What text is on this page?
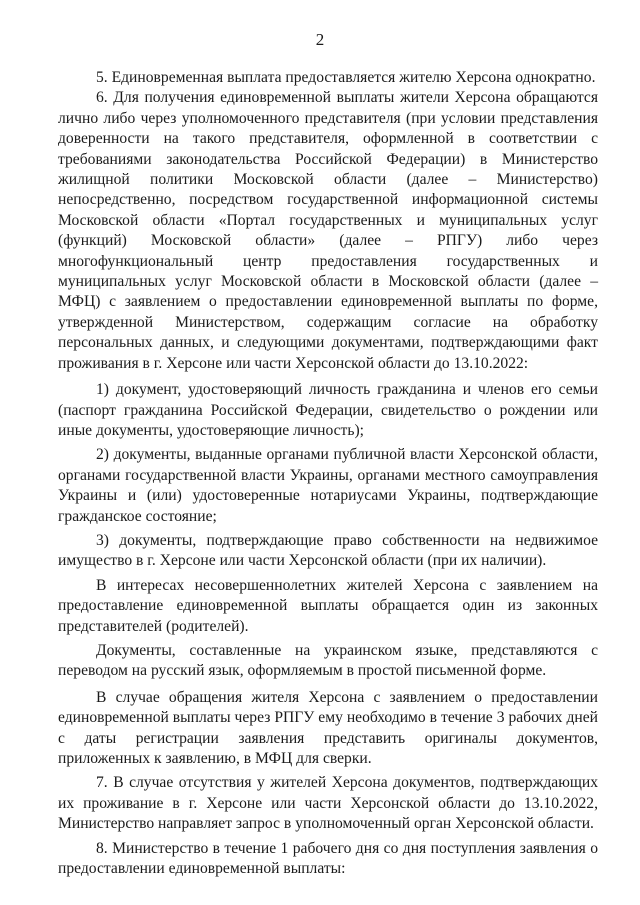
2

5. Единовременная выплата предоставляется жителю Херсона однократно.

6. Для получения единовременной выплаты жители Херсона обращаются лично либо через уполномоченного представителя (при условии представления доверенности на такого представителя, оформленной в соответствии с требованиями законодательства Российской Федерации) в Министерство жилищной политики Московской области (далее – Министерство) непосредственно, посредством государственной информационной системы Московской области «Портал государственных и муниципальных услуг (функций) Московской области» (далее – РПГУ) либо через многофункциональный центр предоставления государственных и муниципальных услуг Московской области в Московской области (далее – МФЦ) с заявлением о предоставлении единовременной выплаты по форме, утвержденной Министерством, содержащим согласие на обработку персональных данных, и следующими документами, подтверждающими факт проживания в г. Херсоне или части Херсонской области до 13.10.2022:

1) документ, удостоверяющий личность гражданина и членов его семьи (паспорт гражданина Российской Федерации, свидетельство о рождении или иные документы, удостоверяющие личность);

2) документы, выданные органами публичной власти Херсонской области, органами государственной власти Украины, органами местного самоуправления Украины и (или) удостоверенные нотариусами Украины, подтверждающие гражданское состояние;

3) документы, подтверждающие право собственности на недвижимое имущество в г. Херсоне или части Херсонской области (при их наличии).

В интересах несовершеннолетних жителей Херсона с заявлением на предоставление единовременной выплаты обращается один из законных представителей (родителей).

Документы, составленные на украинском языке, представляются с переводом на русский язык, оформляемым в простой письменной форме.

В случае обращения жителя Херсона с заявлением о предоставлении единовременной выплаты через РПГУ ему необходимо в течение 3 рабочих дней с даты регистрации заявления представить оригиналы документов, приложенных к заявлению, в МФЦ для сверки.

7. В случае отсутствия у жителей Херсона документов, подтверждающих их проживание в г. Херсоне или части Херсонской области до 13.10.2022, Министерство направляет запрос в уполномоченный орган Херсонской области.

8. Министерство в течение 1 рабочего дня со дня поступления заявления о предоставлении единовременной выплаты:
